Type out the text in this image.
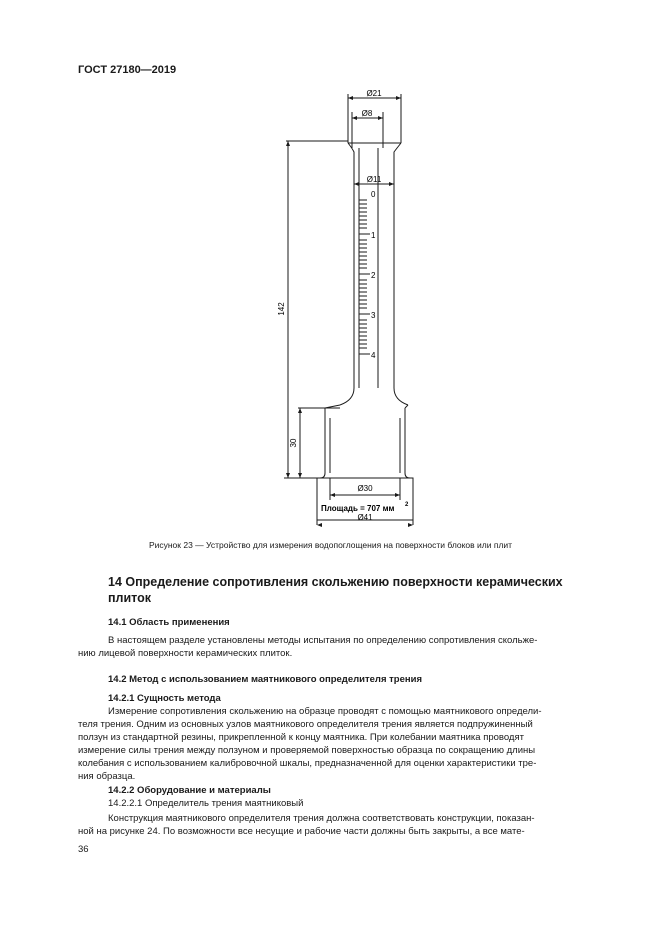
ГОСТ 27180—2019
Ø21
Ø8
Ø11
0
1
2
3
4
142
30
Ø30
Площадь = 707 мм 2
Ø41
Рисунок 23 — Устройство для измерения водопоглощения на поверхности блоков или плит
14 Определение сопротивления скольжению поверхности керамических
плиток
14.1 Область применения
В настоящем разделе установлены методы испытания по определению сопротивления скольже-
нию лицевой поверхности керамических плиток.
14.2 Метод с использованием маятникового определителя трения
14.2.1 Сущность метода
Измерение сопротивления скольжению на образце проводят с помощью маятникового определи-
теля трения. Одним из основных узлов маятникового определителя трения является подпружиненный
ползун из стандартной резины, прикрепленной к концу маятника. При колебании маятника проводят
измерение силы трения между ползуном и проверяемой поверхностью образца по сокращению длины
колебания с использованием калибровочной шкалы, предназначенной для оценки характеристики тре-
ния образца.
14.2.2 Оборудование и материалы
14.2.2.1 Определитель трения маятниковый
Конструкция маятникового определителя трения должна соответствовать конструкции, показан-
ной на рисунке 24. По возможности все несущие и рабочие части должны быть закрыты, а все мате-
36
